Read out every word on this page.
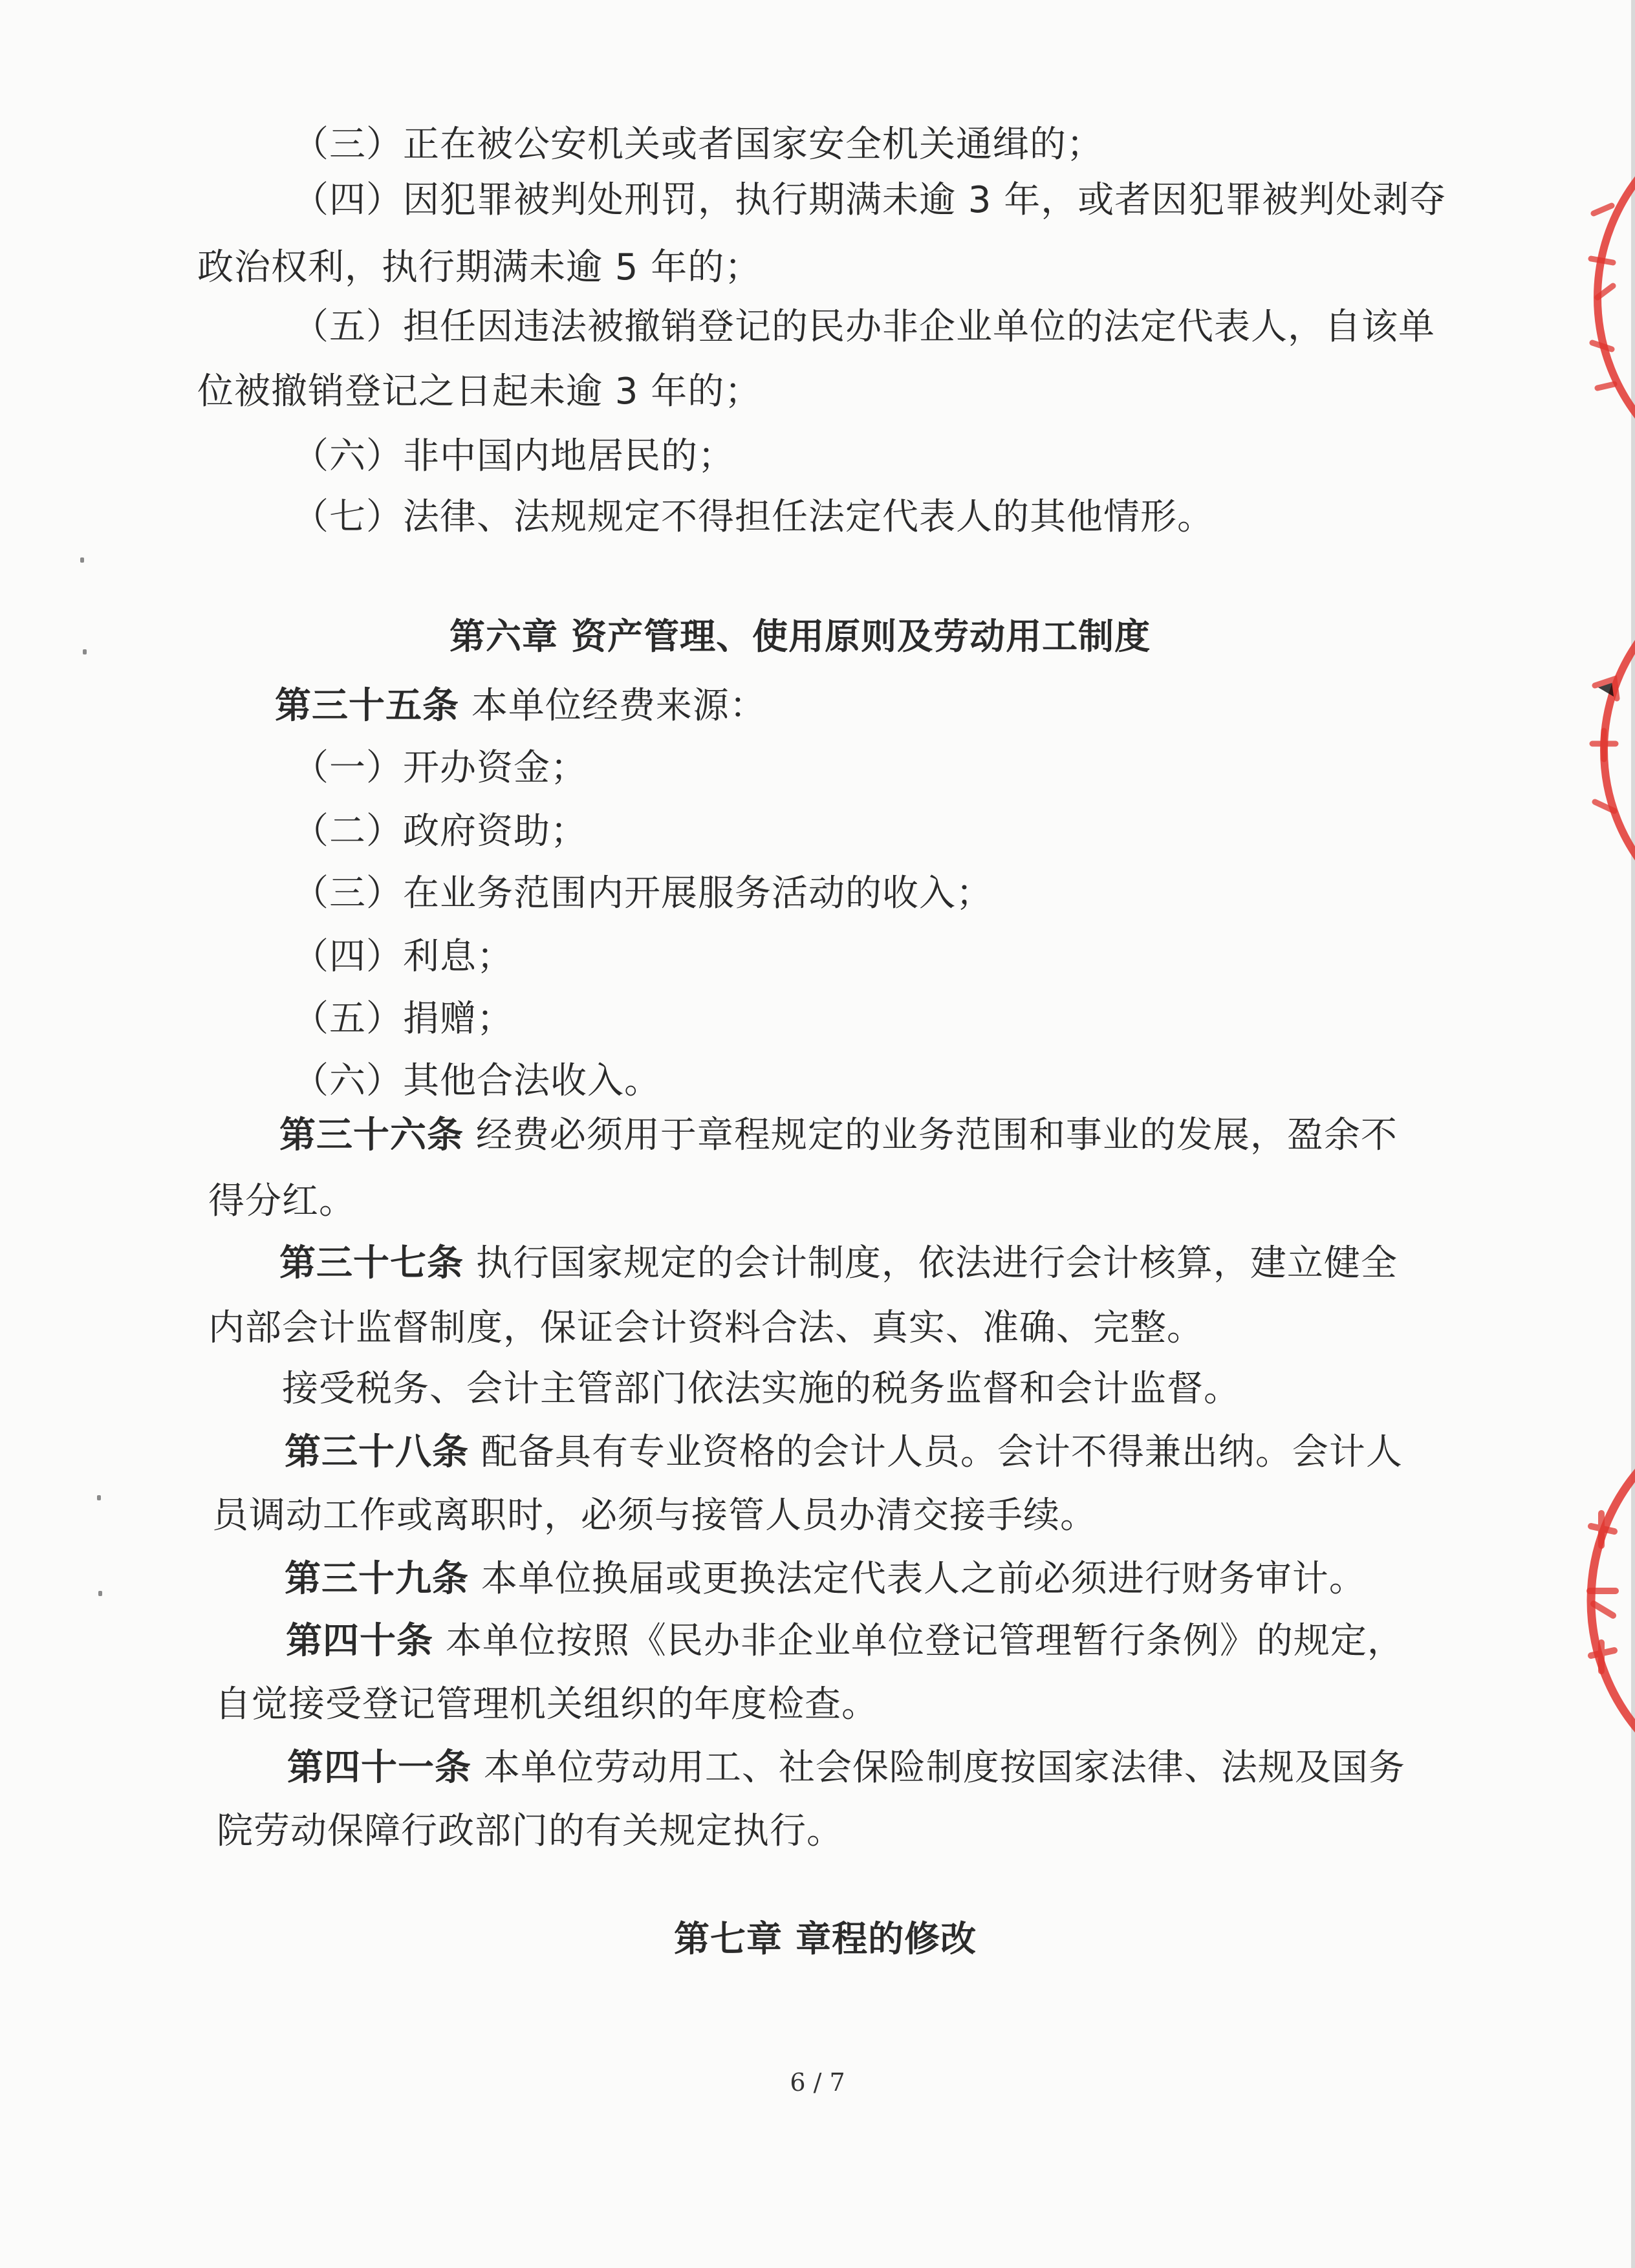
（三）正在被公安机关或者国家安全机关通缉的；

（四）因犯罪被判处刑罚，执行期满未逾 3 年，或者因犯罪被判处剥夺

政治权利，执行期满未逾 5 年的；

（五）担任因违法被撤销登记的民办非企业单位的法定代表人，自该单

位被撤销登记之日起未逾 3 年的；

（六）非中国内地居民的；

（七）法律、法规规定不得担任法定代表人的其他情形。

第六章 资产管理、使用原则及劳动用工制度

第三十五条 本单位经费来源：

（一）开办资金；

（二）政府资助；

（三）在业务范围内开展服务活动的收入；

（四）利息；

（五）捐赠；

（六）其他合法收入。

第三十六条 经费必须用于章程规定的业务范围和事业的发展，盈余不

得分红。

第三十七条 执行国家规定的会计制度，依法进行会计核算，建立健全

内部会计监督制度，保证会计资料合法、真实、准确、完整。

接受税务、会计主管部门依法实施的税务监督和会计监督。

第三十八条 配备具有专业资格的会计人员。会计不得兼出纳。会计人

员调动工作或离职时，必须与接管人员办清交接手续。

第三十九条 本单位换届或更换法定代表人之前必须进行财务审计。

第四十条 本单位按照《民办非企业单位登记管理暂行条例》的规定，

自觉接受登记管理机关组织的年度检查。

第四十一条 本单位劳动用工、社会保险制度按国家法律、法规及国务

院劳动保障行政部门的有关规定执行。

第七章 章程的修改

6 / 7
